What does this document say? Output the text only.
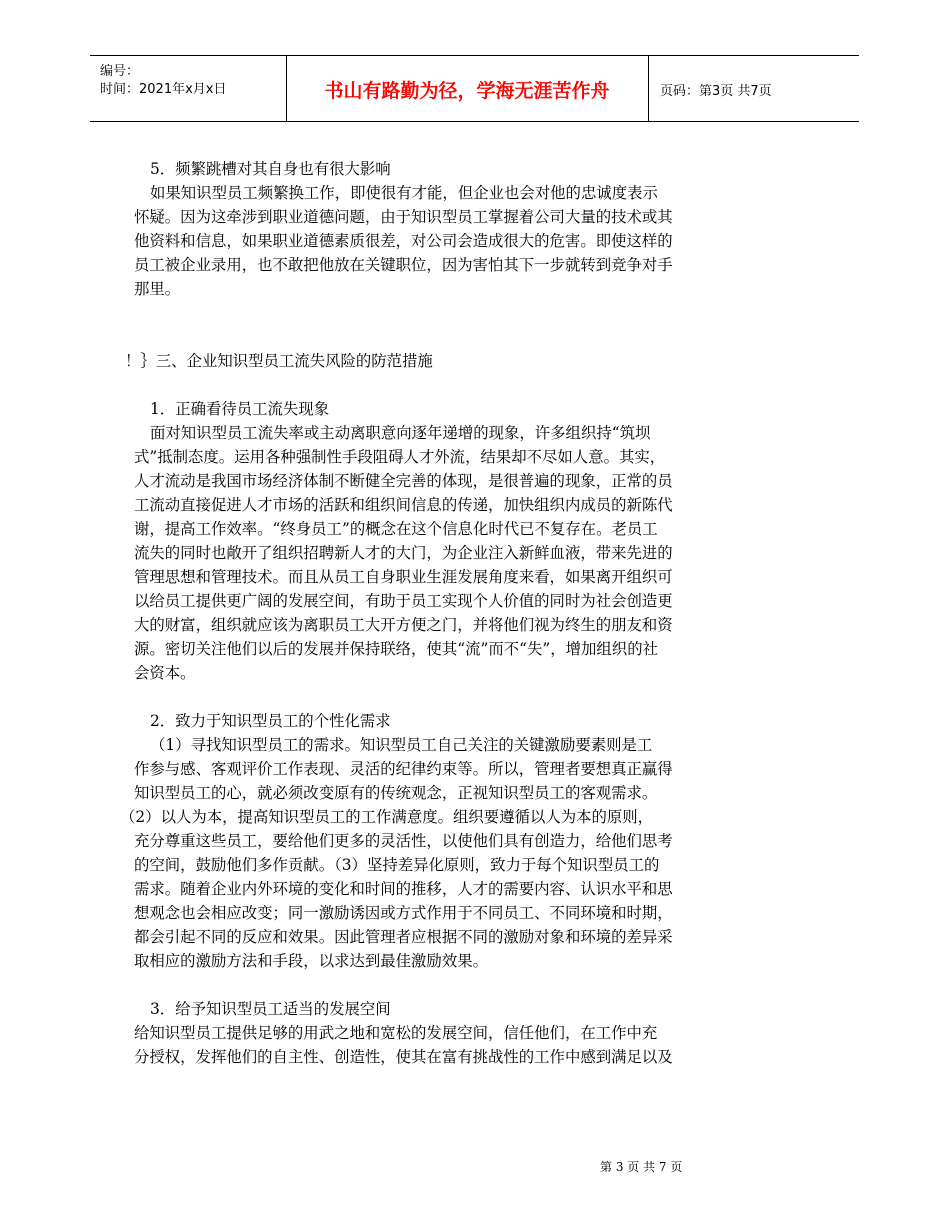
编号：
时间：2021年x月x日	书山有路勤为径，学海无涯苦作舟	页码：第3页 共7页
5．频繁跳槽对其自身也有很大影响
如果知识型员工频繁换工作，即使很有才能，但企业也会对他的忠诚度表示
怀疑。因为这牵涉到职业道德问题，由于知识型员工掌握着公司大量的技术或其
他资料和信息，如果职业道德素质很差，对公司会造成很大的危害。即使这样的
员工被企业录用，也不敢把他放在关键职位，因为害怕其下一步就转到竞争对手
那里。
！｝三、企业知识型员工流失风险的防范措施
1．正确看待员工流失现象
面对知识型员工流失率或主动离职意向逐年递增的现象，许多组织持“筑坝
式”抵制态度。运用各种强制性手段阻碍人才外流，结果却不尽如人意。其实，
人才流动是我国市场经济体制不断健全完善的体现，是很普遍的现象，正常的员
工流动直接促进人才市场的活跃和组织间信息的传递，加快组织内成员的新陈代
谢，提高工作效率。“终身员工”的概念在这个信息化时代已不复存在。老员工
流失的同时也敞开了组织招聘新人才的大门，为企业注入新鲜血液，带来先进的
管理思想和管理技术。而且从员工自身职业生涯发展角度来看，如果离开组织可
以给员工提供更广阔的发展空间，有助于员工实现个人价值的同时为社会创造更
大的财富，组织就应该为离职员工大开方便之门，并将他们视为终生的朋友和资
源。密切关注他们以后的发展并保持联络，使其“流”而不“失”，增加组织的社
会资本。
2．致力于知识型员工的个性化需求
（1）寻找知识型员工的需求。知识型员工自己关注的关键激励要素则是工
作参与感、客观评价工作表现、灵活的纪律约束等。所以，管理者要想真正赢得
知识型员工的心，就必须改变原有的传统观念，正视知识型员工的客观需求。
（2）以人为本，提高知识型员工的工作满意度。组织要遵循以人为本的原则，
充分尊重这些员工，要给他们更多的灵活性，以使他们具有创造力，给他们思考
的空间，鼓励他们多作贡献。（3）坚持差异化原则，致力于每个知识型员工的
需求。随着企业内外环境的变化和时间的推移，人才的需要内容、认识水平和思
想观念也会相应改变；同一激励诱因或方式作用于不同员工、不同环境和时期，
都会引起不同的反应和效果。因此管理者应根据不同的激励对象和环境的差异采
取相应的激励方法和手段，以求达到最佳激励效果。
3．给予知识型员工适当的发展空间
给知识型员工提供足够的用武之地和宽松的发展空间，信任他们，在工作中充
分授权，发挥他们的自主性、创造性，使其在富有挑战性的工作中感到满足以及
第 3 页 共 7 页
